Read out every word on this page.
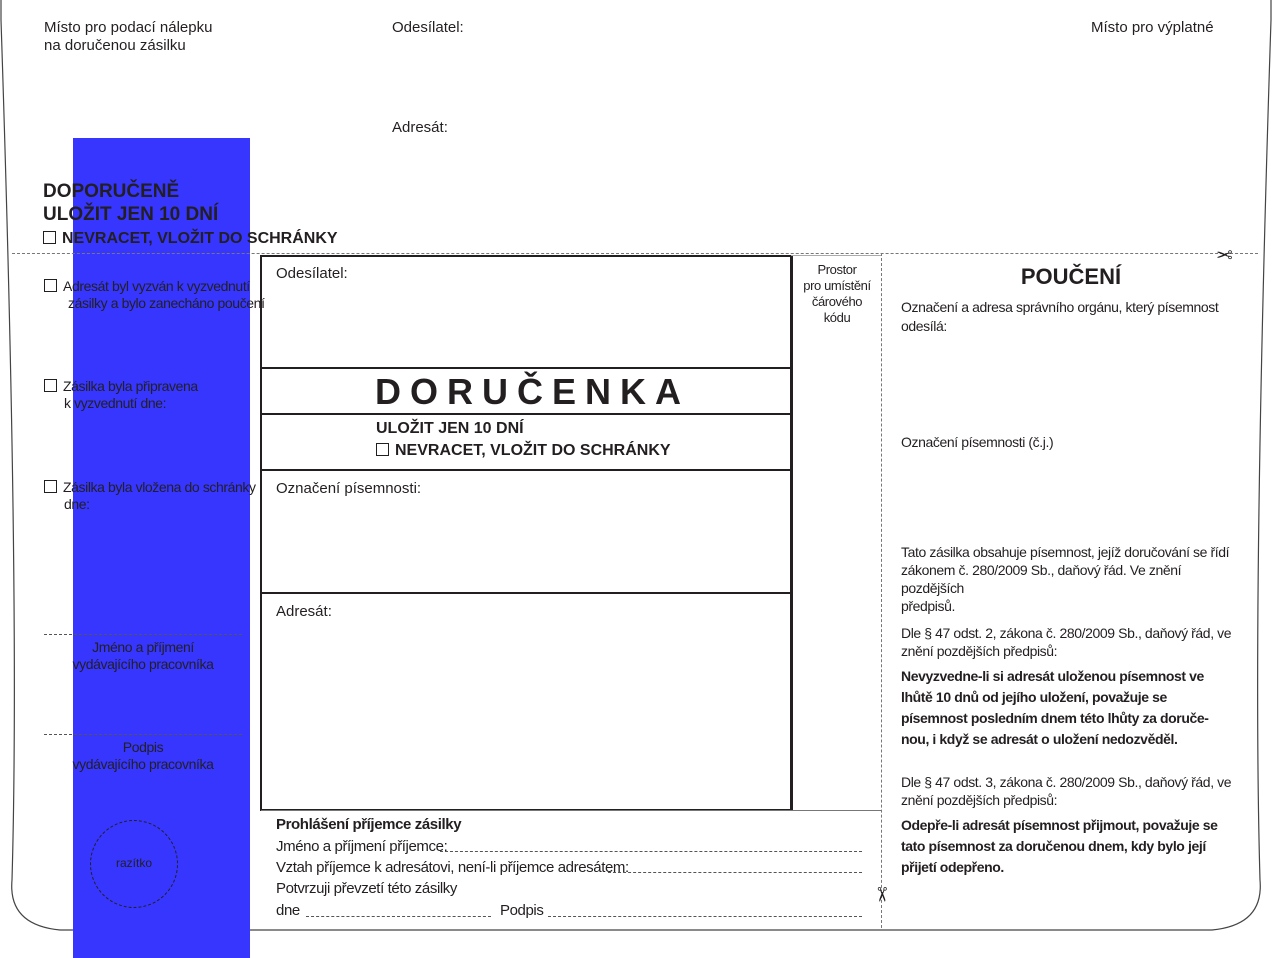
Místo pro podací nálepku
na doručenou zásilku
Odesílatel:
Adresát:
Místo pro výplatné
DOPORUČENĚ
ULOŽIT JEN 10 DNÍ
NEVRACET, VLOŽIT DO SCHRÁNKY
✂
Adresát byl vyzván k vyzvednutí
zásilky a bylo zanecháno poučení
Zásilka byla připravena
k vyzvednutí dne:
Zásilka byla vložena do schránky
dne:
Jméno a příjmení
vydávajícího pracovníka
Podpis
vydávajícího pracovníka
razítko
Odesílatel:
DORUČENKA
ULOŽIT JEN 10 DNÍ
NEVRACET, VLOŽIT DO SCHRÁNKY
Označení písemnosti:
Adresát:
Prostor
pro umístění
čárového
kódu
✂
Prohlášení příjemce zásilky
Jméno a příjmení příjemce:
Vztah příjemce k adresátovi, není-li příjemce adresátem:
Potvrzuji převzetí této zásilky
dne	Podpis
POUČENÍ
Označení a adresa správního orgánu, který písemnost
odesílá:
Označení písemnosti (č.j.)
Tato zásilka obsahuje písemnost, jejíž doručování se řídí
zákonem č. 280/2009 Sb., daňový řád. Ve znění pozdějších
předpisů.
Dle § 47 odst. 2, zákona č. 280/2009 Sb., daňový řád, ve
znění pozdějších předpisů:
Nevyzvedne-li si adresát uloženou písemnost ve
lhůtě 10 dnů od jejího uložení, považuje se
písemnost posledním dnem této lhůty za doruče-
nou, i když se adresát o uložení nedozvěděl.
Dle § 47 odst. 3, zákona č. 280/2009 Sb., daňový řád, ve
znění pozdějších předpisů:
Odepře-li adresát písemnost přijmout, považuje se
tato písemnost za doručenou dnem, kdy bylo její
přijetí odepřeno.
